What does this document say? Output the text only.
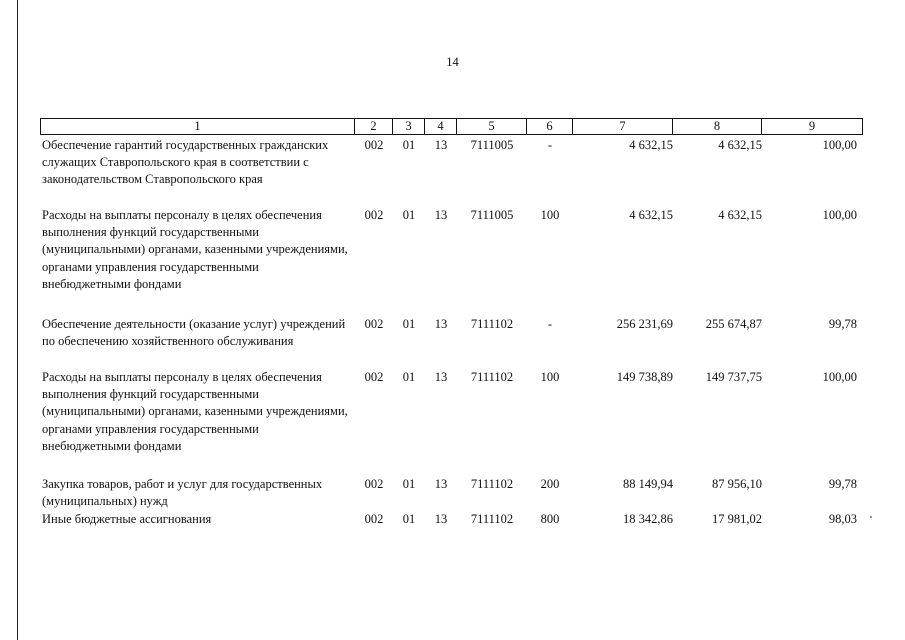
14
1	2	3	4	5	6	7	8	9
Обеспечение гарантий государственных гражданских служащих Ставропольского края в соответствии с законодательством Ставропольского края
002	01	13	7111005	-	4 632,15	4 632,15	100,00
Расходы на выплаты персоналу в целях обеспечения выполнения функций государственными (муниципальными) органами, казенными учреждениями, органами управления государственными внебюджетными фондами
002	01	13	7111005	100	4 632,15	4 632,15	100,00
Обеспечение деятельности (оказание услуг) учреждений по обеспечению хозяйственного обслуживания
002	01	13	7111102	-	256 231,69	255 674,87	99,78
Расходы на выплаты персоналу в целях обеспечения выполнения функций государственными (муниципальными) органами, казенными учреждениями, органами управления государственными внебюджетными фондами
002	01	13	7111102	100	149 738,89	149 737,75	100,00
Закупка товаров, работ и услуг для государственных (муниципальных) нужд
002	01	13	7111102	200	88 149,94	87 956,10	99,78
Иные бюджетные ассигнования	002	01	13	7111102	800	18 342,86	17 981,02	98,03
